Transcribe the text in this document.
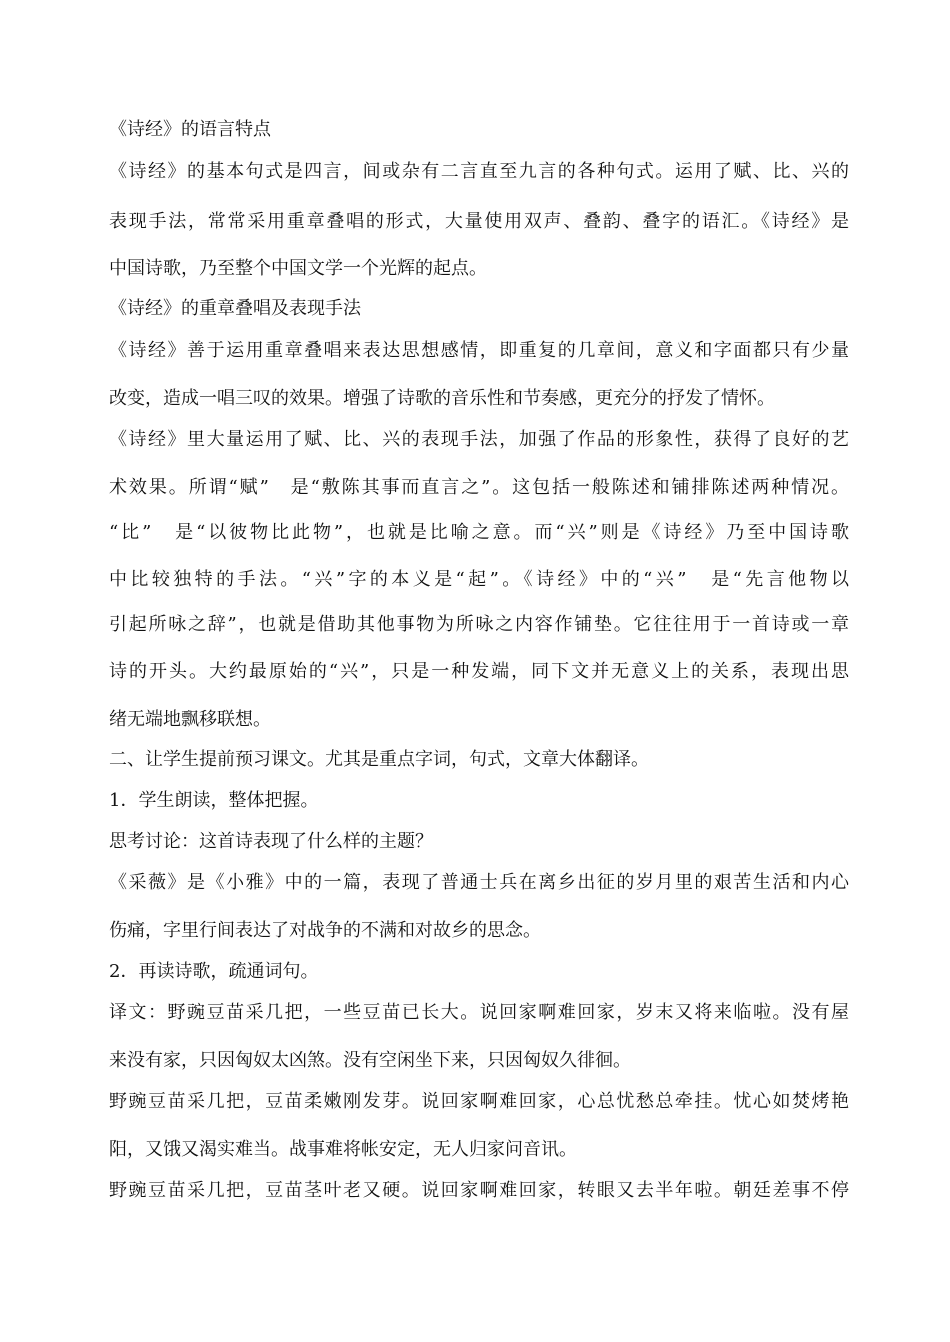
《诗经》的语言特点
《诗经》的基本句式是四言，间或杂有二言直至九言的各种句式。运用了赋、比、兴的
表现手法，常常采用重章叠唱的形式，大量使用双声、叠韵、叠字的语汇。《诗经》是
中国诗歌，乃至整个中国文学一个光辉的起点。
《诗经》的重章叠唱及表现手法
《诗经》善于运用重章叠唱来表达思想感情，即重复的几章间，意义和字面都只有少量
改变，造成一唱三叹的效果。增强了诗歌的音乐性和节奏感，更充分的抒发了情怀。
《诗经》里大量运用了赋、比、兴的表现手法，加强了作品的形象性，获得了良好的艺
术效果。所谓“赋”　是“敷陈其事而直言之”。这包括一般陈述和铺排陈述两种情况。
“比”　是“以彼物比此物”，也就是比喻之意。而“兴”则是《诗经》乃至中国诗歌
中比较独特的手法。“兴”字的本义是“起”。《诗经》中的“兴”　是“先言他物以
引起所咏之辞”，也就是借助其他事物为所咏之内容作铺垫。它往往用于一首诗或一章
诗的开头。大约最原始的“兴”，只是一种发端，同下文并无意义上的关系，表现出思
绪无端地飘移联想。
二、让学生提前预习课文。尤其是重点字词，句式，文章大体翻译。
1．学生朗读，整体把握。
思考讨论：这首诗表现了什么样的主题？
《采薇》是《小雅》中的一篇，表现了普通士兵在离乡出征的岁月里的艰苦生活和内心
伤痛，字里行间表达了对战争的不满和对故乡的思念。
2．再读诗歌，疏通词句。
译文：野豌豆苗采几把，一些豆苗已长大。说回家啊难回家，岁末又将来临啦。没有屋
来没有家，只因匈奴太凶煞。没有空闲坐下来，只因匈奴久徘徊。
野豌豆苗采几把，豆苗柔嫩刚发芽。说回家啊难回家，心总忧愁总牵挂。忧心如焚烤艳
阳，又饿又渴实难当。战事难将帐安定，无人归家问音讯。
野豌豆苗采几把，豆苗茎叶老又硬。说回家啊难回家，转眼又去半年啦。朝廷差事不停
